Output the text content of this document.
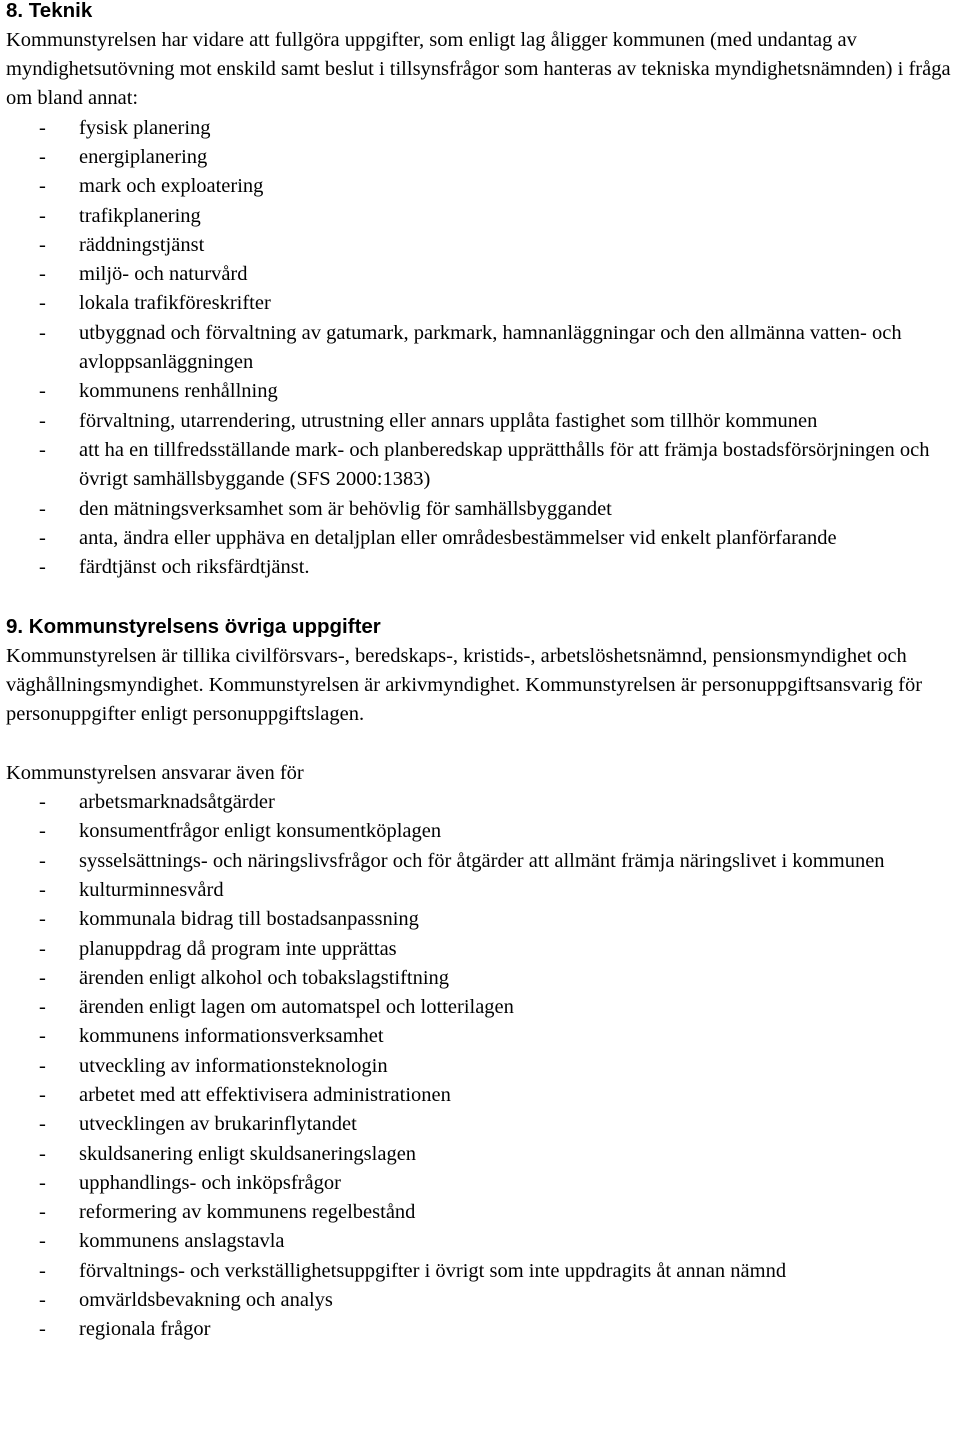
8. Teknik

Kommunstyrelsen har vidare att fullgöra uppgifter, som enligt lag åligger kommunen (med undantag av myndighetsutövning mot enskild samt beslut i tillsynsfrågor som hanteras av tekniska myndighetsnämnden) i fråga om bland annat:

- fysisk planering
- energiplanering
- mark och exploatering
- trafikplanering
- räddningstjänst
- miljö- och naturvård
- lokala trafikföreskrifter
- utbyggnad och förvaltning av gatumark, parkmark, hamnanläggningar och den allmänna vatten- och avloppsanläggningen
- kommunens renhållning
- förvaltning, utarrendering, utrustning eller annars upplåta fastighet som tillhör kommunen
- att ha en tillfredsställande mark- och planberedskap upprätthålls för att främja bostadsförsörjningen och övrigt samhällsbyggande (SFS 2000:1383)
- den mätningsverksamhet som är behövlig för samhällsbyggandet
- anta, ändra eller upphäva en detaljplan eller områdesbestämmelser vid enkelt planförfarande
- färdtjänst och riksfärdtjänst.
9. Kommunstyrelsens övriga uppgifter

Kommunstyrelsen är tillika civilförsvars-, beredskaps-, kristids-, arbetslöshetsnämnd, pensionsmyndighet och väghållningsmyndighet. Kommunstyrelsen är arkivmyndighet. Kommunstyrelsen är personuppgiftsansvarig för personuppgifter enligt personuppgiftslagen.

Kommunstyrelsen ansvarar även för

- arbetsmarknadsåtgärder
- konsumentfrågor enligt konsumentköplagen
- sysselsättnings- och näringslivsfrågor och för åtgärder att allmänt främja näringslivet i kommunen
- kulturminnesvård
- kommunala bidrag till bostadsanpassning
- planuppdrag då program inte upprättas
- ärenden enligt alkohol och tobakslagstiftning
- ärenden enligt lagen om automatspel och lotterilagen
- kommunens informationsverksamhet
- utveckling av informationsteknologin
- arbetet med att effektivisera administrationen
- utvecklingen av brukarinflytandet
- skuldsanering enligt skuldsaneringslagen
- upphandlings- och inköpsfrågor
- reformering av kommunens regelbestånd
- kommunens anslagstavla
- förvaltnings- och verkställighetsuppgifter i övrigt som inte uppdragits åt annan nämnd
- omvärldsbevakning och analys
- regionala frågor
